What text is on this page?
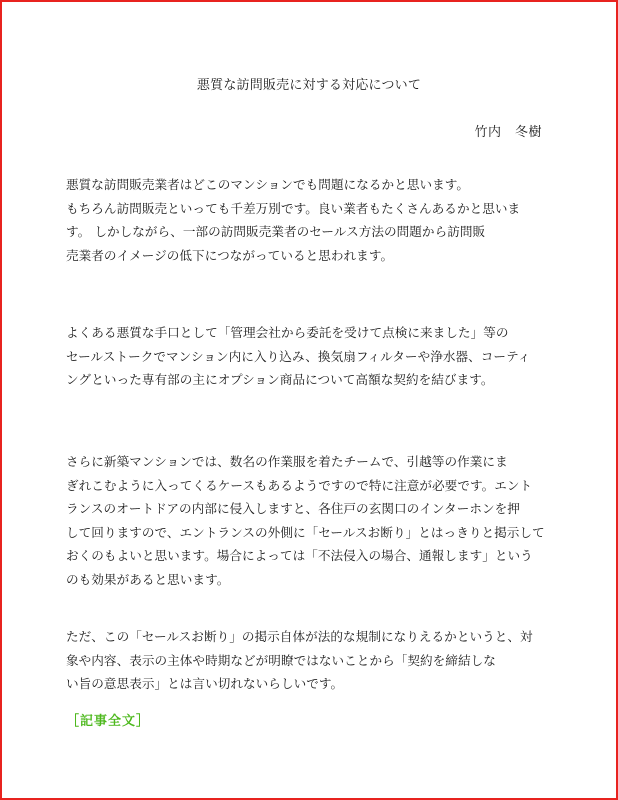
悪質な訪問販売に対する対応について
竹内　冬樹
悪質な訪問販売業者はどこのマンションでも問題になるかと思います。
もちろん訪問販売といっても千差万別です。良い業者もたくさんあるかと思いま
す。 しかしながら、一部の訪問販売業者のセールス方法の問題から訪問販
売業者のイメージの低下につながっていると思われます。
よくある悪質な手口として「管理会社から委託を受けて点検に来ました」等の
セールストークでマンション内に入り込み、換気扇フィルターや浄水器、コーティ
ングといった専有部の主にオプション商品について高額な契約を結びます。
さらに新築マンションでは、数名の作業服を着たチームで、引越等の作業にま
ぎれこむように入ってくるケースもあるようですので特に注意が必要です。エント
ランスのオートドアの内部に侵入しますと、各住戸の玄関口のインターホンを押
して回りますので、エントランスの外側に「セールスお断り」とはっきりと掲示して
おくのもよいと思います。場合によっては「不法侵入の場合、通報します」という
のも効果があると思います。
ただ、この「セールスお断り」の掲示自体が法的な規制になりえるかというと、対
象や内容、表示の主体や時期などが明瞭ではないことから「契約を締結しな
い旨の意思表示」とは言い切れないらしいです。
［記事全文］
